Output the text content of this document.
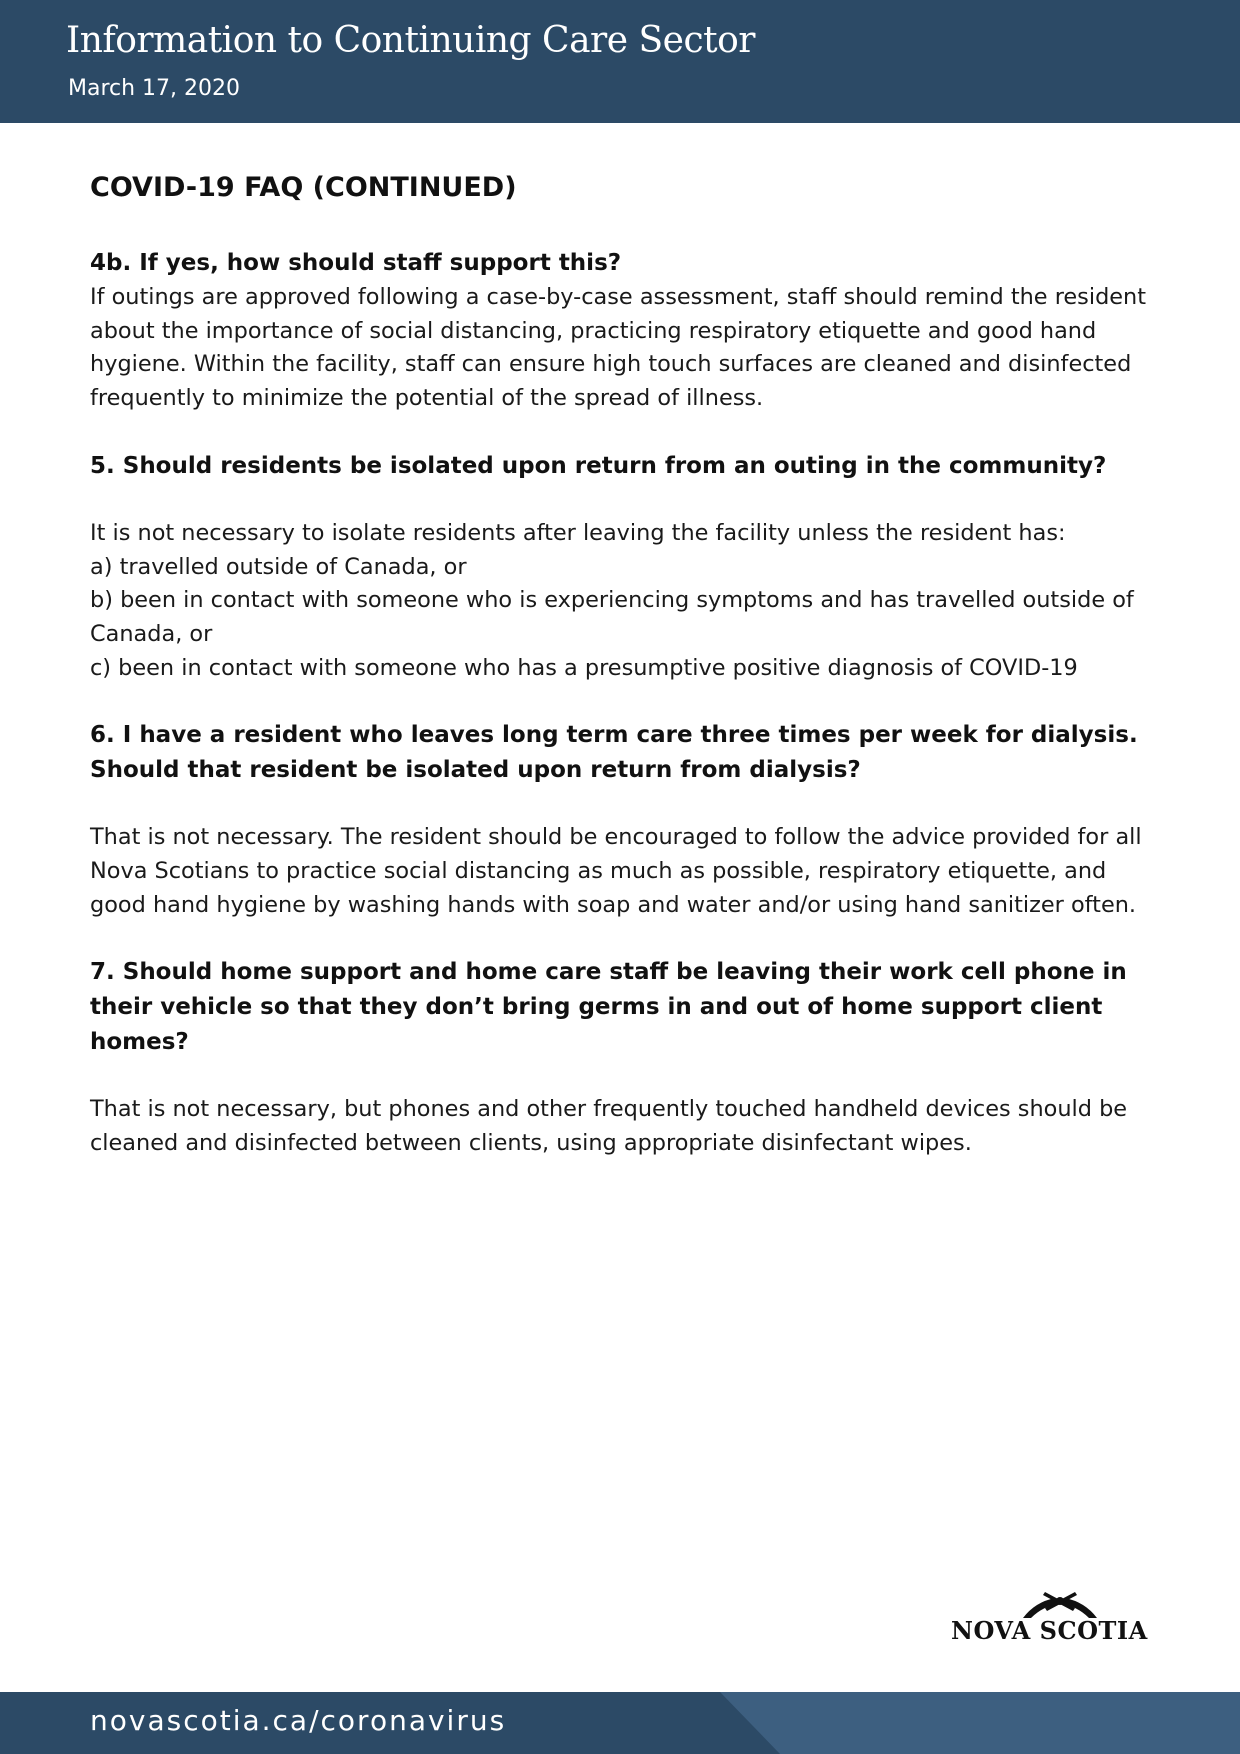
Information to Continuing Care Sector
March 17, 2020
COVID-19 FAQ (CONTINUED)

4b. If yes, how should staff support this?

If outings are approved following a case-by-case assessment, staff should remind the resident about the importance of social distancing, practicing respiratory etiquette and good hand hygiene. Within the facility, staff can ensure high touch surfaces are cleaned and disinfected frequently to minimize the potential of the spread of illness.

5. Should residents be isolated upon return from an outing in the community?

It is not necessary to isolate residents after leaving the facility unless the resident has:

a) travelled outside of Canada, or

b) been in contact with someone who is experiencing symptoms and has travelled outside of Canada, or

c) been in contact with someone who has a presumptive positive diagnosis of COVID-19

6. I have a resident who leaves long term care three times per week for dialysis. Should that resident be isolated upon return from dialysis?

That is not necessary. The resident should be encouraged to follow the advice provided for all Nova Scotians to practice social distancing as much as possible, respiratory etiquette, and good hand hygiene by washing hands with soap and water and/or using hand sanitizer often.

7. Should home support and home care staff be leaving their work cell phone in their vehicle so that they don’t bring germs in and out of home support client homes?

That is not necessary, but phones and other frequently touched handheld devices should be cleaned and disinfected between clients, using appropriate disinfectant wipes.

NOVA SCOTIA
novascotia.ca/coronavirus
